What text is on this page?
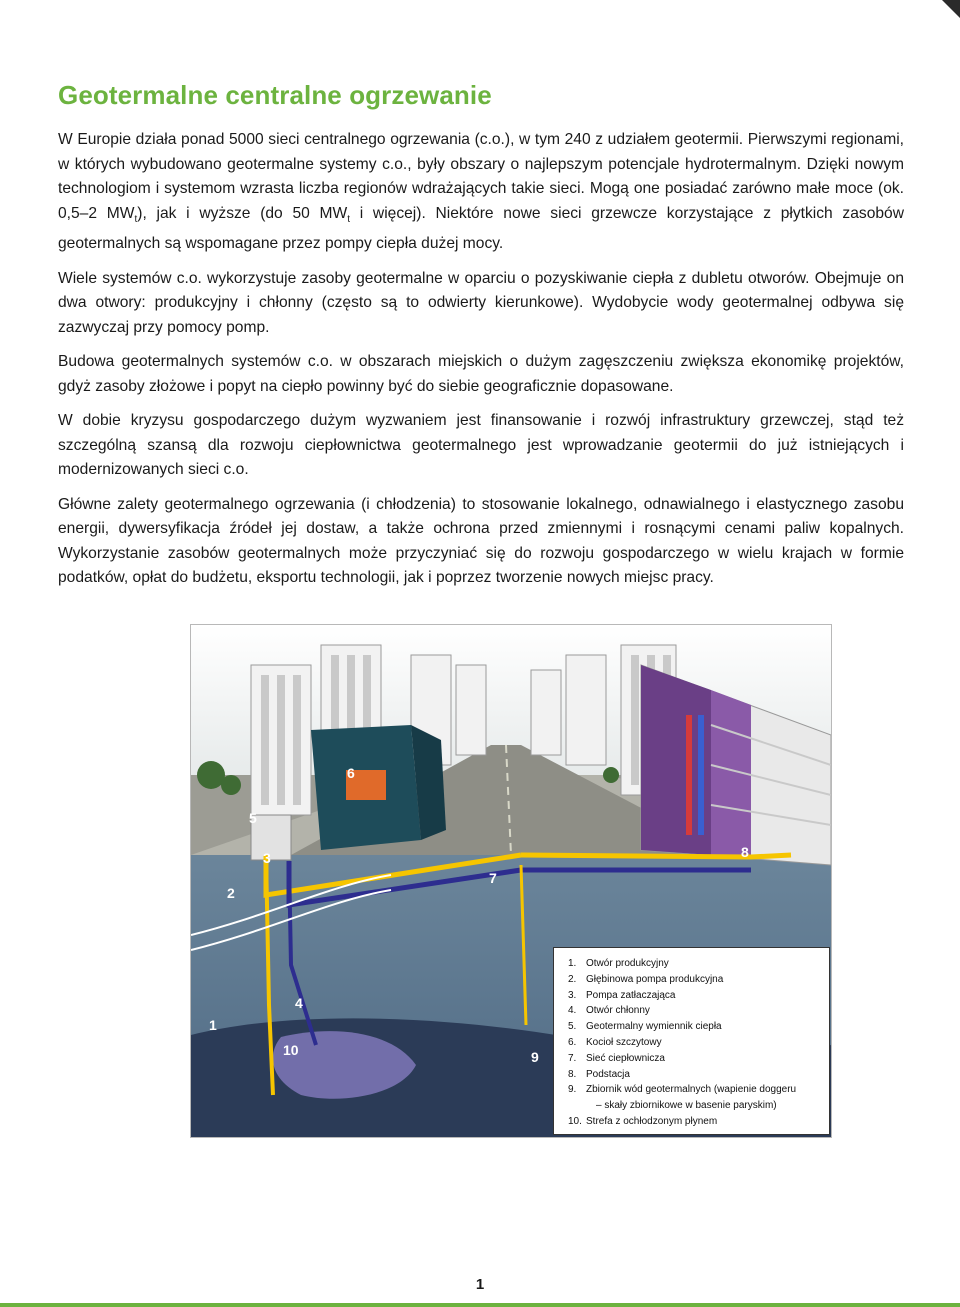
Geotermalne centralne ogrzewanie

W Europie działa ponad 5000 sieci centralnego ogrzewania (c.o.), w tym 240 z udziałem geotermii. Pierwszymi regionami, w których wybudowano geotermalne systemy c.o., były obszary o najlepszym potencjale hydrotermalnym. Dzięki nowym technologiom i systemom wzrasta liczba regionów wdrażających takie sieci. Mogą one posiadać zarówno małe moce (ok. 0,5–2 $MW_t$), jak i wyższe (do 50 $MW_t$ i więcej). Niektóre nowe sieci grzewcze korzystające z płytkich zasobów geotermalnych są wspomagane przez pompy ciepła dużej mocy.

Wiele systemów c.o. wykorzystuje zasoby geotermalne w oparciu o pozyskiwanie ciepła z dubletu otworów. Obejmuje on dwa otwory: produkcyjny i chłonny (często są to odwierty kierunkowe). Wydobycie wody geotermalnej odbywa się zazwyczaj przy pomocy pomp.

Budowa geotermalnych systemów c.o. w obszarach miejskich o dużym zagęszczeniu zwiększa ekonomikę projektów, gdyż zasoby złożowe i popyt na ciepło powinny być do siebie geograficznie dopasowane.

W dobie kryzysu gospodarczego dużym wyzwaniem jest finansowanie i rozwój infrastruktury grzewczej, stąd też szczególną szansą dla rozwoju ciepłownictwa geotermalnego jest wprowadzanie geotermii do już istniejących i modernizowanych sieci c.o.

Główne zalety geotermalnego ogrzewania (i chłodzenia) to stosowanie lokalnego, odnawialnego i elastycznego zasobu energii, dywersyfikacja źródeł jej dostaw, a także ochrona przed zmiennymi i rosnącymi cenami paliw kopalnych. Wykorzystanie zasobów geotermalnych może przyczyniać się do rozwoju gospodarczego w wielu krajach w formie podatków, opłat do budżetu, eksportu technologii, jak i poprzez tworzenie nowych miejsc pracy.

1
2
3
4
5
6
7
8
9
10
1. Otwór produkcyjny
2. Głębinowa pompa produkcyjna
3. Pompa zatłaczająca
4. Otwór chłonny
5. Geotermalny wymiennik ciepła
6. Kocioł szczytowy
7. Sieć ciepłownicza
8. Podstacja
9. Zbiornik wód geotermalnych (wapienie doggeru
– skały zbiornikowe w basenie paryskim)
10. Strefa z ochłodzonym płynem
1
